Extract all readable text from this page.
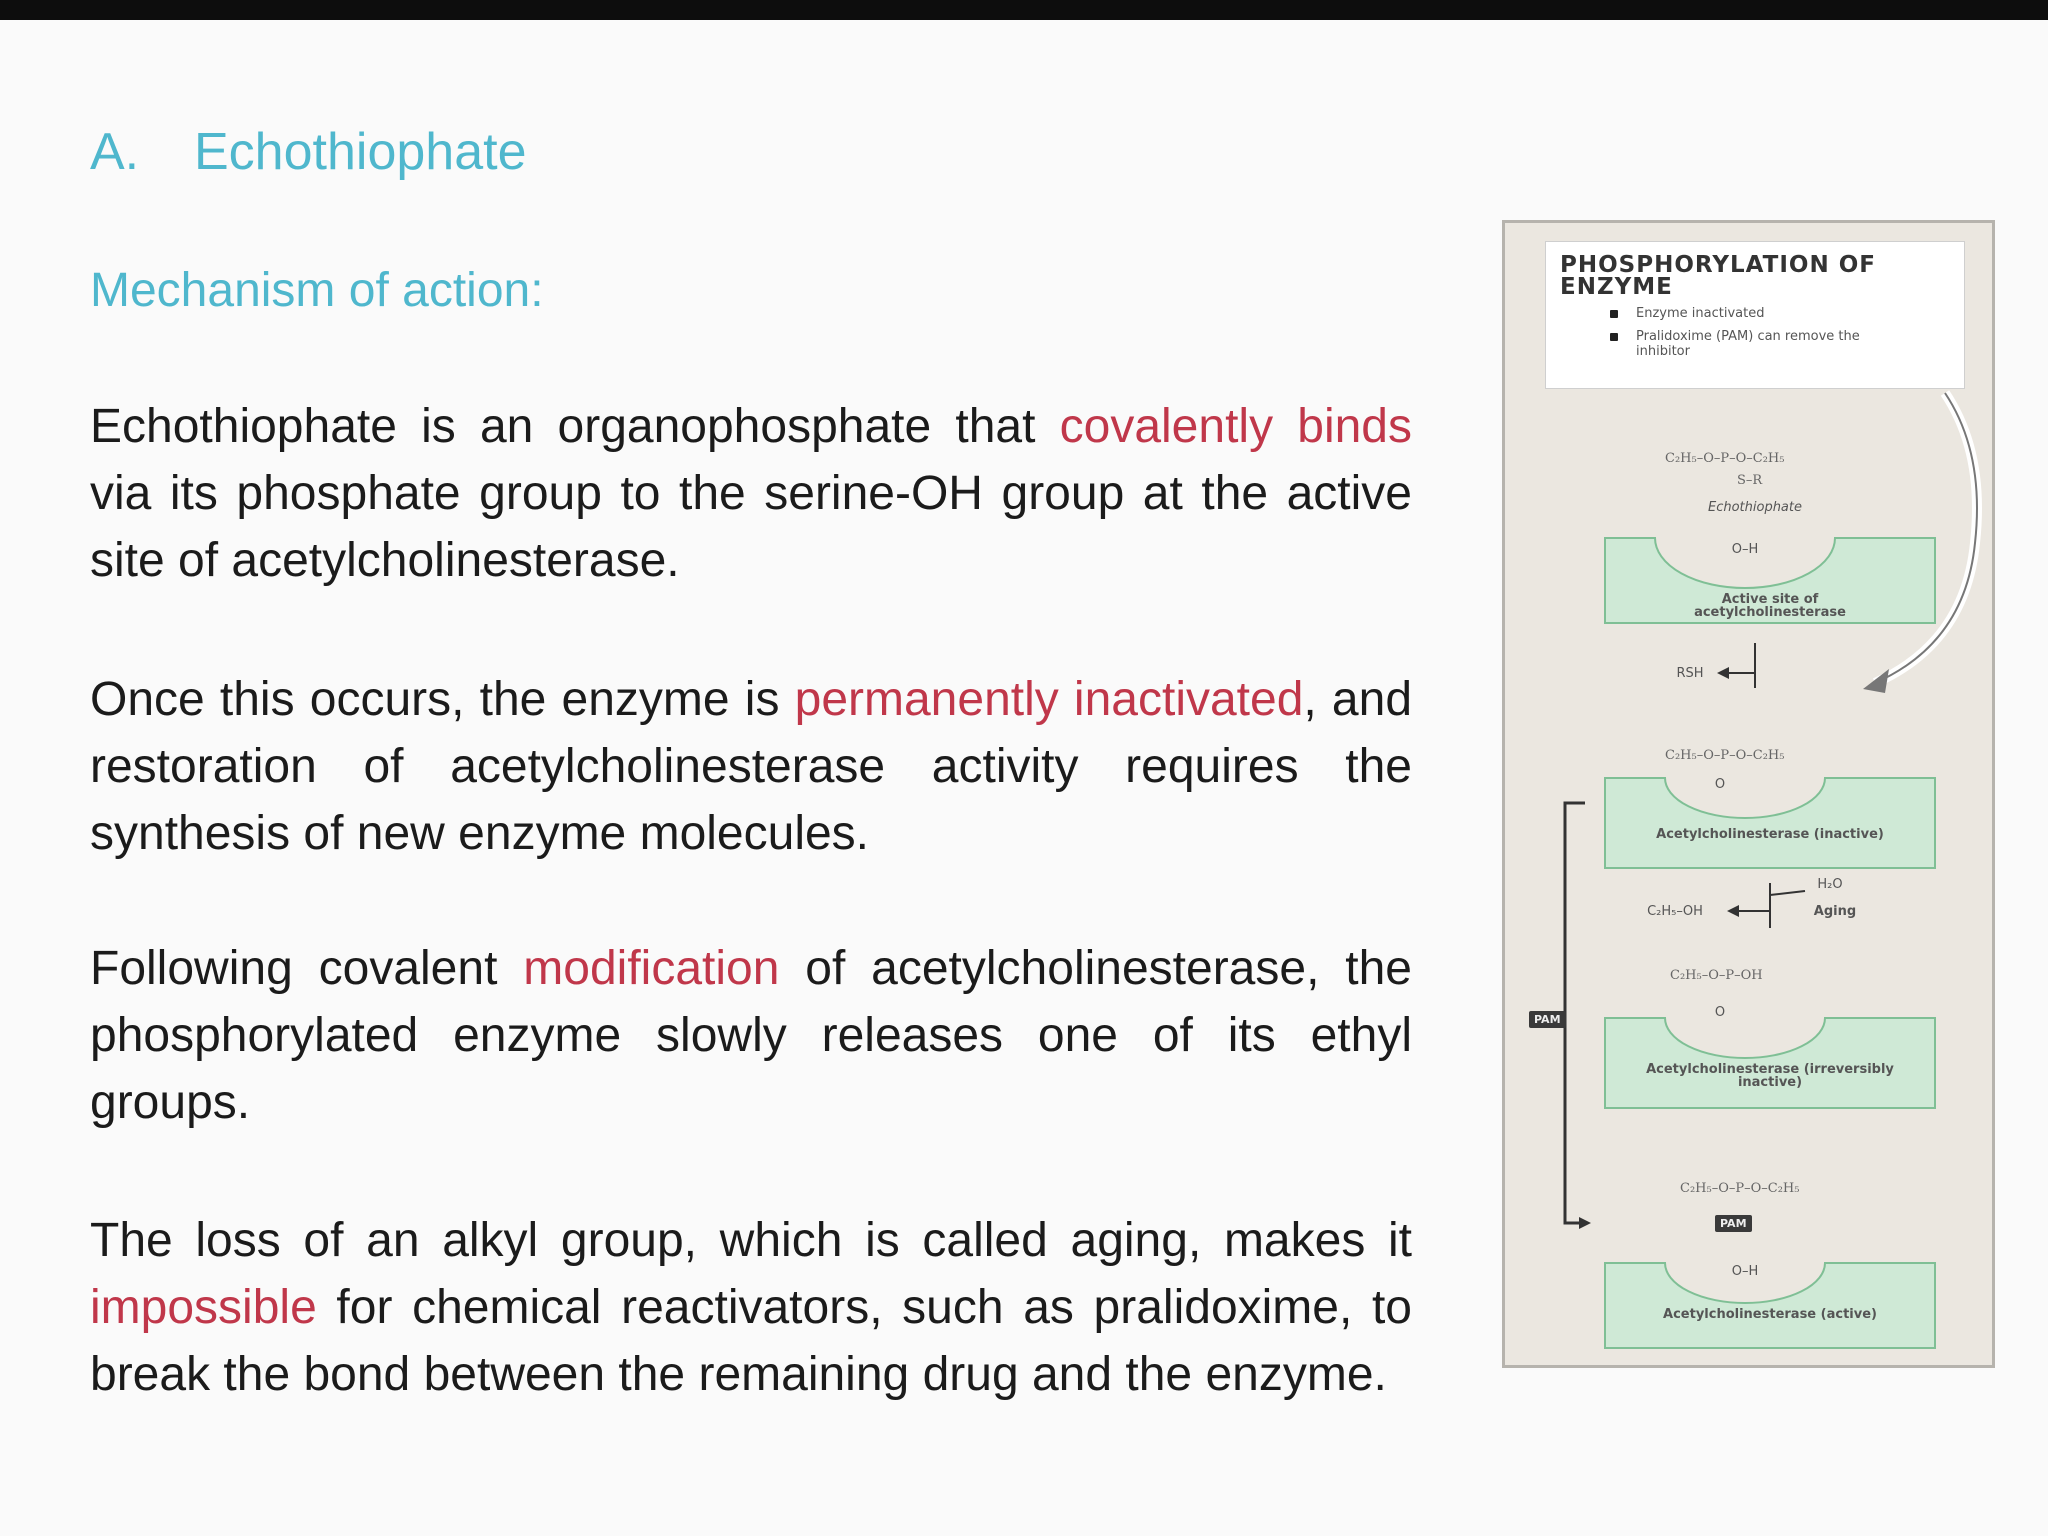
A. Echothiophate
Mechanism of action:
Echothiophate is an organophosphate that covalently binds via its phosphate group to the serine-OH group at the active site of acetylcholinesterase.
Once this occurs, the enzyme is permanently inactivated, and restoration of acetylcholinesterase activity requires the synthesis of new enzyme molecules.
Following covalent modification of acetylcholinesterase, the phosphorylated enzyme slowly releases one of its ethyl groups.
The loss of an alkyl group, which is called aging, makes it impossible for chemical reactivators, such as pralidoxime, to break the bond between the remaining drug and the enzyme.
PHOSPHORYLATION OF ENZYME
Enzyme inactivated
Pralidoxime (PAM) can remove the inhibitor
C₂H₅–O–P–O–C₂H₅
S–R
Echothiophate
O–H
Active site of acetylcholinesterase
RSH
C₂H₅–O–P–O–C₂H₅
O
Acetylcholinesterase (inactive)
H₂O
Aging
C₂H₅–OH
C₂H₅–O–P–OH
O
Acetylcholinesterase (irreversibly inactive)
PAM
C₂H₅–O–P–O–C₂H₅
PAM
O–H
Acetylcholinesterase (active)
